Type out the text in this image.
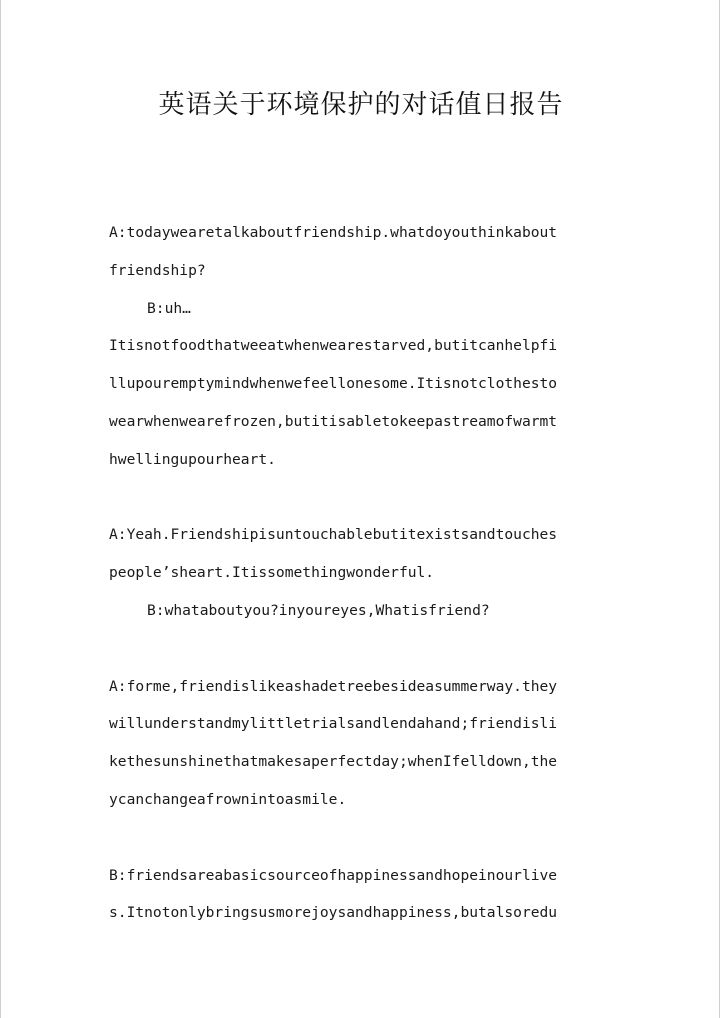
英语关于环境保护的对话值日报告
A:todaywearetalkaboutfriendship.whatdoyouthinkabout
friendship?
B:uh…
Itisnotfoodthatweeatwhenwearestarved,butitcanhelpfi
llupouremptymindwhenwefeellonesome.Itisnotclothesto
wearwhenwearefrozen,butitisabletokeepastreamofwarmt
hwellingupourheart.
A:Yeah.Friendshipisuntouchablebutitexistsandtouches
people’sheart.Itissomethingwonderful.
B:whataboutyou?inyoureyes,Whatisfriend?
A:forme,friendislikeashadetreebesideasummerway.they
willunderstandmylittletrialsandlendahand;friendisli
kethesunshinethatmakesaperfectday;whenIfelldown,the
ycanchangeafrownintoasmile.
B:friendsareabasicsourceofhappinessandhopeinourlive
s.Itnotonlybringsusmorejoysandhappiness,butalsoredu
